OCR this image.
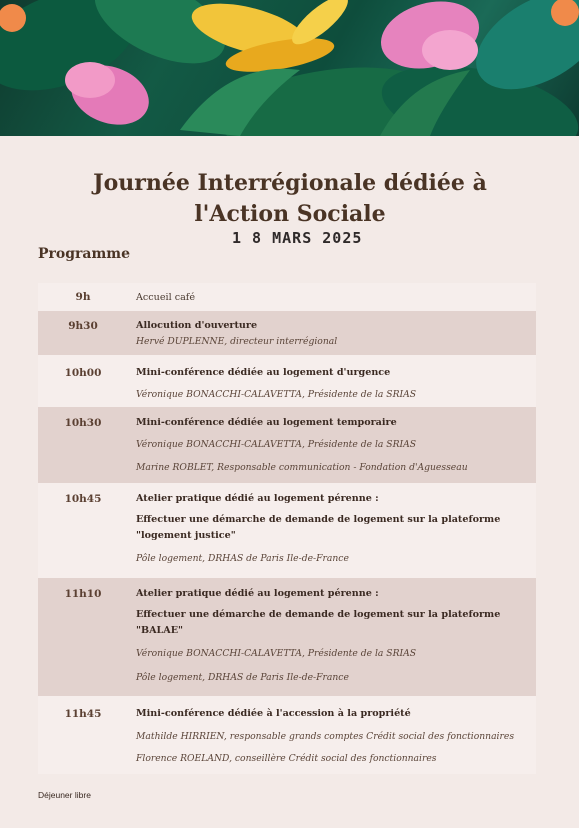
Journée Interrégionale dédiée à
l'Action Sociale
1 8 MARS 2025
Programme
9h	Accueil café
9h30	Allocution d'ouverture
Hervé DUPLENNE, directeur interrégional
10h00	Mini-conférence dédiée au logement d'urgence
Véronique BONACCHI-CALAVETTA, Présidente de la SRIAS
10h30	Mini-conférence dédiée au logement temporaire
Véronique BONACCHI-CALAVETTA, Présidente de la SRIAS
Marine ROBLET, Responsable communication - Fondation d'Aguesseau
10h45	Atelier pratique dédié au logement pérenne :
Effectuer une démarche de demande de logement sur la plateforme
"logement justice"
Pôle logement, DRHAS de Paris Ile-de-France
11h10	Atelier pratique dédié au logement pérenne :
Effectuer une démarche de demande de logement sur la plateforme
"BALAE"
Véronique BONACCHI-CALAVETTA, Présidente de la SRIAS
Pôle logement, DRHAS de Paris Ile-de-France
11h45	Mini-conférence dédiée à l'accession à la propriété
Mathilde HIRRIEN, responsable grands comptes Crédit social des fonctionnaires
Florence ROELAND, conseillère Crédit social des fonctionnaires
Déjeuner libre
